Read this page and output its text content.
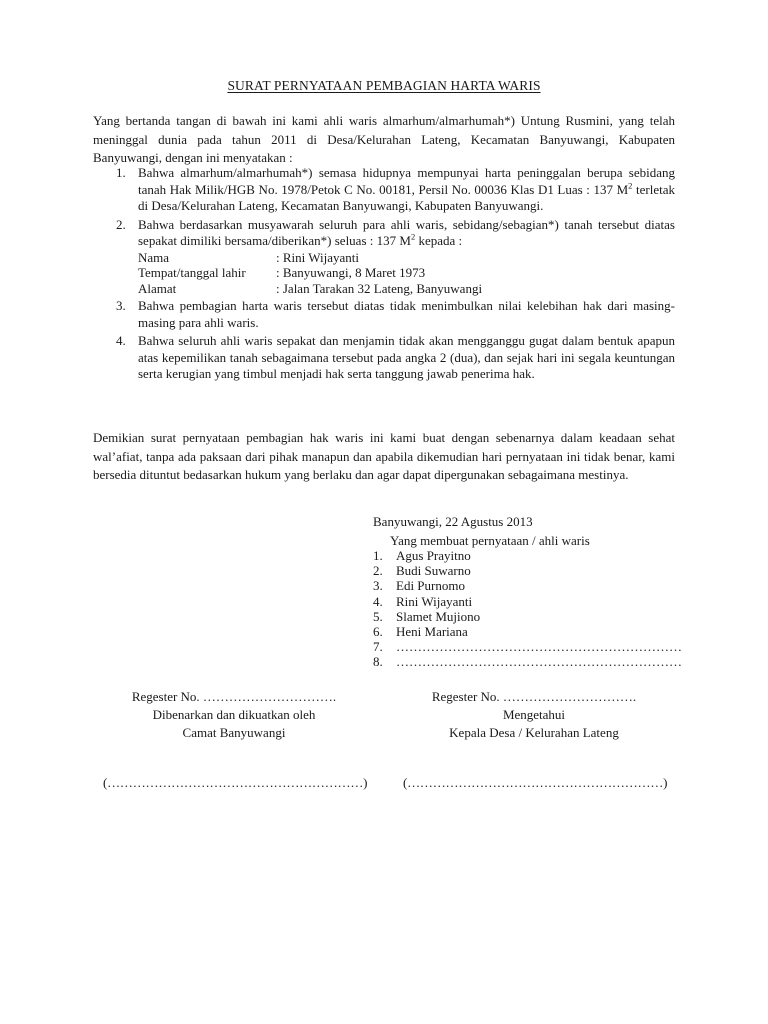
SURAT PERNYATAAN PEMBAGIAN HARTA WARIS

Yang bertanda tangan di bawah ini kami ahli waris almarhum/almarhumah*) Untung Rusmini, yang telah meninggal dunia pada tahun 2011 di Desa/Kelurahan Lateng, Kecamatan Banyuwangi, Kabupaten Banyuwangi, dengan ini menyatakan :

1. Bahwa almarhum/almarhumah*) semasa hidupnya mempunyai harta peninggalan berupa sebidang tanah Hak Milik/HGB No. 1978/Petok C No. 00181, Persil No. 00036 Klas D1 Luas : 137 $M^2$ terletak di Desa/Kelurahan Lateng, Kecamatan Banyuwangi, Kabupaten Banyuwangi.
2. Bahwa berdasarkan musyawarah seluruh para ahli waris, sebidang/sebagian*) tanah tersebut diatas sepakat dimiliki bersama/diberikan*) seluas : 137 $M^2$ kepada :
Nama	: Rini Wijayanti
Tempat/tanggal lahir	: Banyuwangi, 8 Maret 1973
Alamat	: Jalan Tarakan 32 Lateng, Banyuwangi
3. Bahwa pembagian harta waris tersebut diatas tidak menimbulkan nilai kelebihan hak dari masing-masing para ahli waris.
4. Bahwa seluruh ahli waris sepakat dan menjamin tidak akan mengganggu gugat dalam bentuk apapun atas kepemilikan tanah sebagaimana tersebut pada angka 2 (dua), dan sejak hari ini segala keuntungan serta kerugian yang timbul menjadi hak serta tanggung jawab penerima hak.

Demikian surat pernyataan pembagian hak waris ini kami buat dengan sebenarnya dalam keadaan sehat wal’afiat, tanpa ada paksaan dari pihak manapun dan apabila dikemudian hari pernyataan ini tidak benar, kami bersedia dituntut bedasarkan hukum yang berlaku dan agar dapat dipergunakan sebagaimana mestinya.

Banyuwangi, 22 Agustus 2013
Yang membuat pernyataan / ahli waris
1.	Agus Prayitno
2.	Budi Suwarno
3.	Edi Purnomo
4.	Rini Wijayanti
5.	Slamet Mujiono
6.	Heni Mariana
7.	…………………………………………………………
8.	…………………………………………………………
Regester No. ………………………….
Dibenarkan dan dikuatkan oleh
Camat Banyuwangi
Regester No. ………………………….
Mengetahui
Kepala Desa / Kelurahan Lateng
(……………………………………………………)	(……………………………………………………)
